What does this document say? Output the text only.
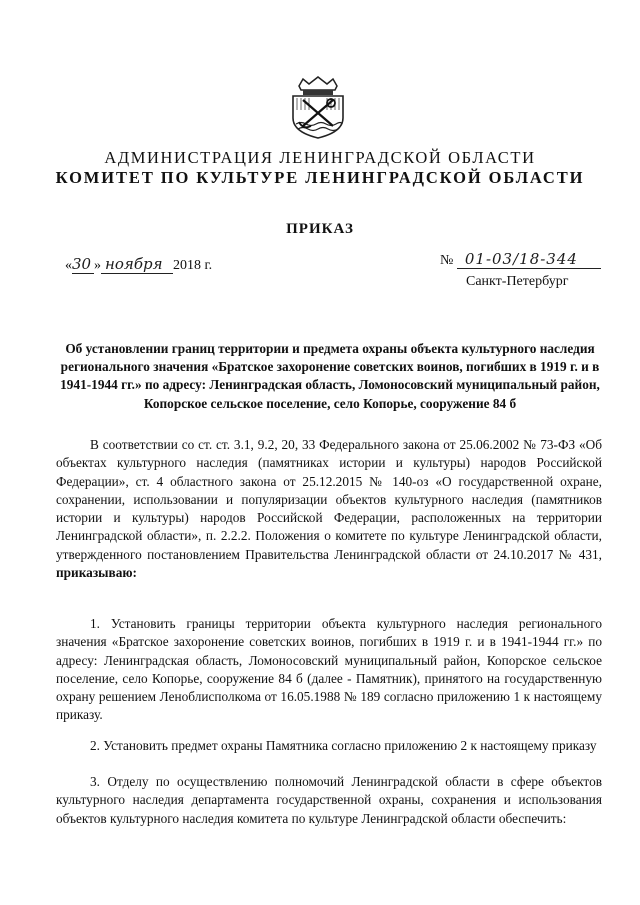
АДМИНИСТРАЦИЯ ЛЕНИНГРАДСКОЙ ОБЛАСТИ
КОМИТЕТ ПО КУЛЬТУРЕ ЛЕНИНГРАДСКОЙ ОБЛАСТИ
ПРИКАЗ
«30 » ноября 2018 г.	№ 01-03/18-344
Санкт-Петербург
Об установлении границ территории и предмета охраны объекта культурного наследия регионального значения «Братское захоронение советских воинов, погибших в 1919 г. и в 1941-1944 гг.» по адресу: Ленинградская область, Ломоносовский муниципальный район, Копорское сельское поселение, село Копорье, сооружение 84 б

В соответствии со ст. ст. 3.1, 9.2, 20, 33 Федерального закона от 25.06.2002 № 73-ФЗ «Об объектах культурного наследия (памятниках истории и культуры) народов Российской Федерации», ст. 4 областного закона от 25.12.2015 № 140-оз «О государственной охране, сохранении, использовании и популяризации объектов культурного наследия (памятников истории и культуры) народов Российской Федерации, расположенных на территории Ленинградской области», п. 2.2.2. Положения о комитете по культуре Ленинградской области, утвержденного постановлением Правительства Ленинградской области от 24.10.2017 № 431, приказываю:

1. Установить границы территории объекта культурного наследия регионального значения «Братское захоронение советских воинов, погибших в 1919 г. и в 1941-1944 гг.» по адресу: Ленинградская область, Ломоносовский муниципальный район, Копорское сельское поселение, село Копорье, сооружение 84 б (далее - Памятник), принятого на государственную охрану решением Леноблисполкома от 16.05.1988 № 189 согласно приложению 1 к настоящему приказу.

2. Установить предмет охраны Памятника согласно приложению 2 к настоящему приказу

3. Отделу по осуществлению полномочий Ленинградской области в сфере объектов культурного наследия департамента государственной охраны, сохранения и использования объектов культурного наследия комитета по культуре Ленинградской области обеспечить:
